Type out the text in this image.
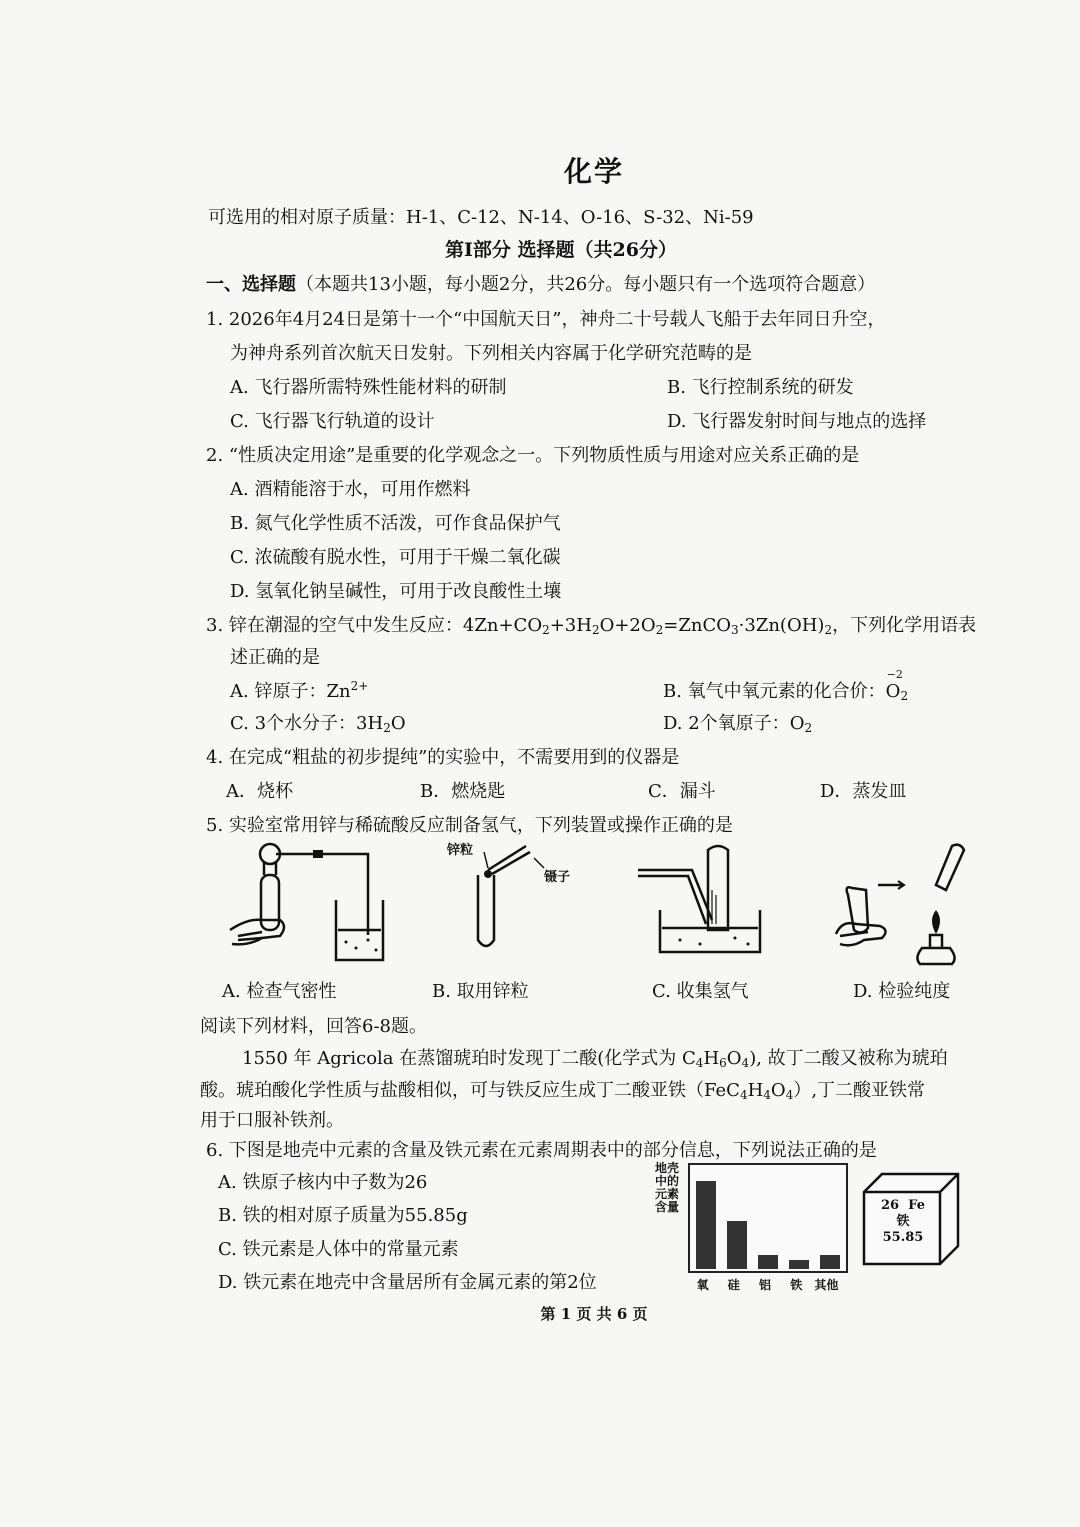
化学
可选用的相对原子质量：H-1、C-12、N-14、O-16、S-32、Ni-59
第Ⅰ部分 选择题（共26分）
一、选择题（本题共13小题，每小题2分，共26分。每小题只有一个选项符合题意）
1. 2026年4月24日是第十一个“中国航天日”，神舟二十号载人飞船于去年同日升空，
为神舟系列首次航天日发射。下列相关内容属于化学研究范畴的是
A. 飞行器所需特殊性能材料的研制	B. 飞行控制系统的研发
C. 飞行器飞行轨道的设计	D. 飞行器发射时间与地点的选择
2. “性质决定用途”是重要的化学观念之一。下列物质性质与用途对应关系正确的是
A. 酒精能溶于水，可用作燃料
B. 氮气化学性质不活泼，可作食品保护气
C. 浓硫酸有脱水性，可用于干燥二氧化碳
D. 氢氧化钠呈碱性，可用于改良酸性土壤
3. 锌在潮湿的空气中发生反应：$4Zn+CO_2+3H_2O+2O_2=ZnCO_3\cdot 3Zn(OH)_2$，下列化学用语表
述正确的是
A. 锌原子：$Zn^{2+}$	B. 氧气中氧元素的化合价：$O_2$
−2
C. 3个水分子：$3H_2O$	D. 2个氧原子：$O_2$
4. 在完成“粗盐的初步提纯”的实验中，不需要用到的仪器是
A．烧杯	B．燃烧匙	C．漏斗	D．蒸发皿
5. 实验室常用锌与稀硫酸反应制备氢气，下列装置或操作正确的是
锌粒
镊子
A. 检查气密性	B. 取用锌粒	C. 收集氢气	D. 检验纯度
阅读下列材料，回答6-8题。
1550 年 Agricola 在蒸馏琥珀时发现丁二酸(化学式为 $C_4H_6O_4$), 故丁二酸又被称为琥珀
酸。琥珀酸化学性质与盐酸相似，可与铁反应生成丁二酸亚铁$(FeC_4H_4O_4)$,丁二酸亚铁常
用于口服补铁剂。
6. 下图是地壳中元素的含量及铁元素在元素周期表中的部分信息，下列说法正确的是
A. 铁原子核内中子数为26
B. 铁的相对原子质量为55.85g
C. 铁元素是人体中的常量元素
D. 铁元素在地壳中含量居所有金属元素的第2位
地壳中的元素含量	26 Fe
铁
55.85
第 1 页 共 6 页
氧 硅 铝 铁 其他
